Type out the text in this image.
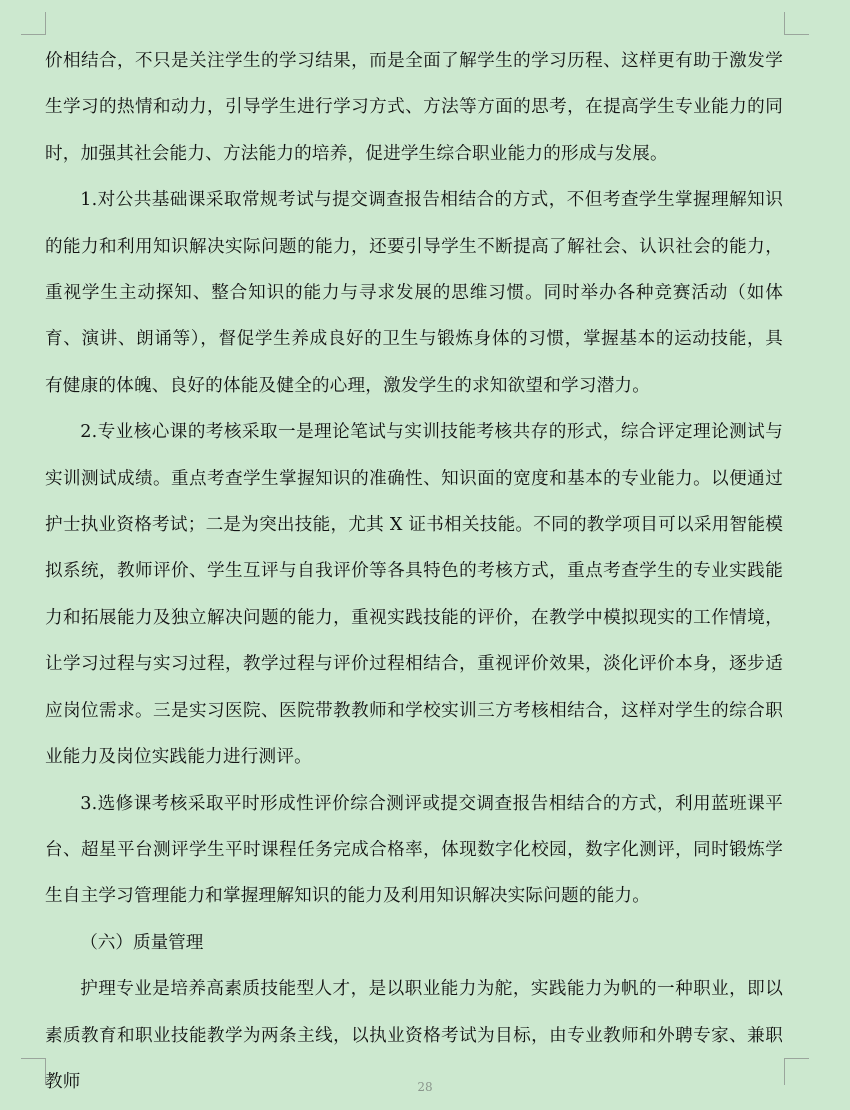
价相结合，不只是关注学生的学习结果，而是全面了解学生的学习历程、这样更有助于激发学生学习的热情和动力，引导学生进行学习方式、方法等方面的思考，在提高学生专业能力的同时，加强其社会能力、方法能力的培养，促进学生综合职业能力的形成与发展。

1.对公共基础课采取常规考试与提交调查报告相结合的方式，不但考查学生掌握理解知识的能力和利用知识解决实际问题的能力，还要引导学生不断提高了解社会、认识社会的能力，重视学生主动探知、整合知识的能力与寻求发展的思维习惯。同时举办各种竞赛活动（如体育、演讲、朗诵等），督促学生养成良好的卫生与锻炼身体的习惯，掌握基本的运动技能，具有健康的体魄、良好的体能及健全的心理，激发学生的求知欲望和学习潜力。

2.专业核心课的考核采取一是理论笔试与实训技能考核共存的形式，综合评定理论测试与实训测试成绩。重点考查学生掌握知识的准确性、知识面的宽度和基本的专业能力。以便通过护士执业资格考试；二是为突出技能，尤其 X 证书相关技能。不同的教学项目可以采用智能模拟系统，教师评价、学生互评与自我评价等各具特色的考核方式，重点考查学生的专业实践能力和拓展能力及独立解决问题的能力，重视实践技能的评价，在教学中模拟现实的工作情境，让学习过程与实习过程，教学过程与评价过程相结合，重视评价效果，淡化评价本身，逐步适应岗位需求。三是实习医院、医院带教教师和学校实训三方考核相结合，这样对学生的综合职业能力及岗位实践能力进行测评。

3.选修课考核采取平时形成性评价综合测评或提交调查报告相结合的方式，利用蓝班课平台、超星平台测评学生平时课程任务完成合格率，体现数字化校园，数字化测评，同时锻炼学生自主学习管理能力和掌握理解知识的能力及利用知识解决实际问题的能力。

（六）质量管理

护理专业是培养高素质技能型人才，是以职业能力为舵，实践能力为帆的一种职业，即以素质教育和职业技能教学为两条主线，以执业资格考试为目标，由专业教师和外聘专家、兼职教师	28
